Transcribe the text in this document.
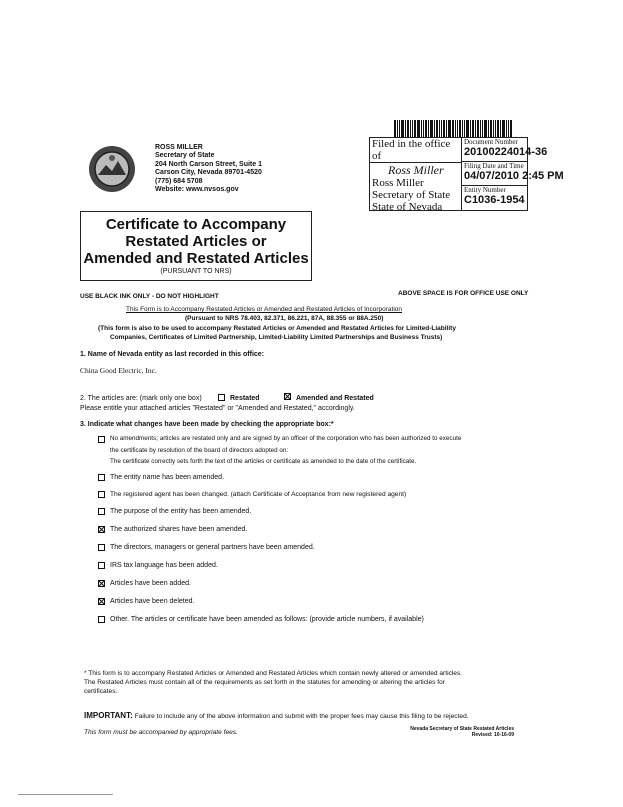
ROSS MILLER
Secretary of State
204 North Carson Street, Suite 1
Carson City, Nevada 89701-4520
(775) 684 5708
Website: www.nvsos.gov
Filed in the office of
Ross Miller
Ross Miller
Secretary of State
State of Nevada
Document Number
20100224014-36
Filing Date and Time
04/07/2010 2:45 PM
Entity Number
C1036-1954
Certificate to Accompany
Restated Articles or
Amended and Restated Articles
(PURSUANT TO NRS)
USE BLACK INK ONLY - DO NOT HIGHLIGHT	ABOVE SPACE IS FOR OFFICE USE ONLY
This Form is to Accompany Restated Articles or Amended and Restated Articles of Incorporation
(Pursuant to NRS 78.403, 82.371, 86.221, 87A, 88.355 or 88A.250)
(This form is also to be used to accompany Restated Articles or Amended and Restated Articles for Limited-Liability
Companies, Certificates of Limited Partnership, Limited-Liability Limited Partnerships and Business Trusts)
1. Name of Nevada entity as last recorded in this office:
China Good Electric, Inc.
2. The articles are: (mark only one box)	Restated	Amended and Restated
Please entitle your attached articles "Restated" or "Amended and Restated," accordingly.
3. Indicate what changes have been made by checking the appropriate box:*
No amendments; articles are restated only and are signed by an officer of the corporation who has been authorized to execute
the certificate by resolution of the board of directors adopted on:
The certificate correctly sets forth the text of the articles or certificate as amended to the date of the certificate.
The entity name has been amended.
The registered agent has been changed. (attach Certificate of Acceptance from new registered agent)
The purpose of the entity has been amended.
The authorized shares have been amended.
The directors, managers or general partners have been amended.
IRS tax language has been added.
Articles have been added.
Articles have been deleted.
Other. The articles or certificate have been amended as follows: (provide article numbers, if available)
* This form is to accompany Restated Articles or Amended and Restated Articles which contain newly altered or amended articles.
The Restated Articles must contain all of the requirements as set forth in the statutes for amending or altering the articles for
certificates.
IMPORTANT: Failure to include any of the above information and submit with the proper fees may cause this filing to be rejected.
This form must be accompanied by appropriate fees.	Nevada Secretary of State Restated Articles
Revised: 10-16-09
